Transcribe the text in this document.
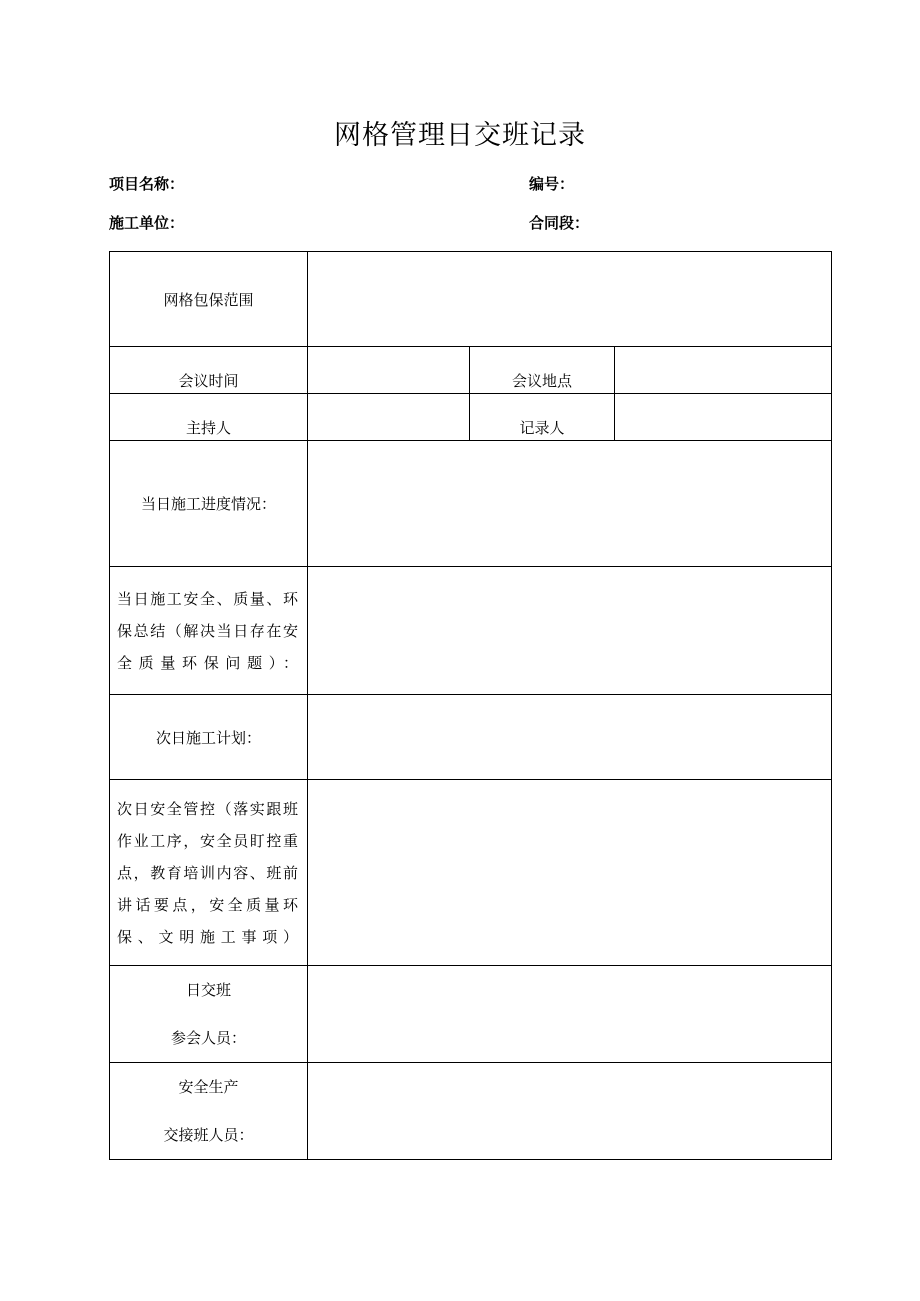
网格管理日交班记录
项目名称：	编号：
施工单位：	合同段：
网格包保范围			
会议时间		会议地点	
主持人		记录人	
当日施工进度情况：			
当日施工安全、质量、环保总结（解决当日存在安全质量环保问题）：			
次日施工计划：			
次日安全管控（落实跟班作业工序，安全员盯控重点，教育培训内容、班前讲话要点，安全质量环保、文明施工事项）			

日交班
参会人员：			

安全生产
交接班人员：			
